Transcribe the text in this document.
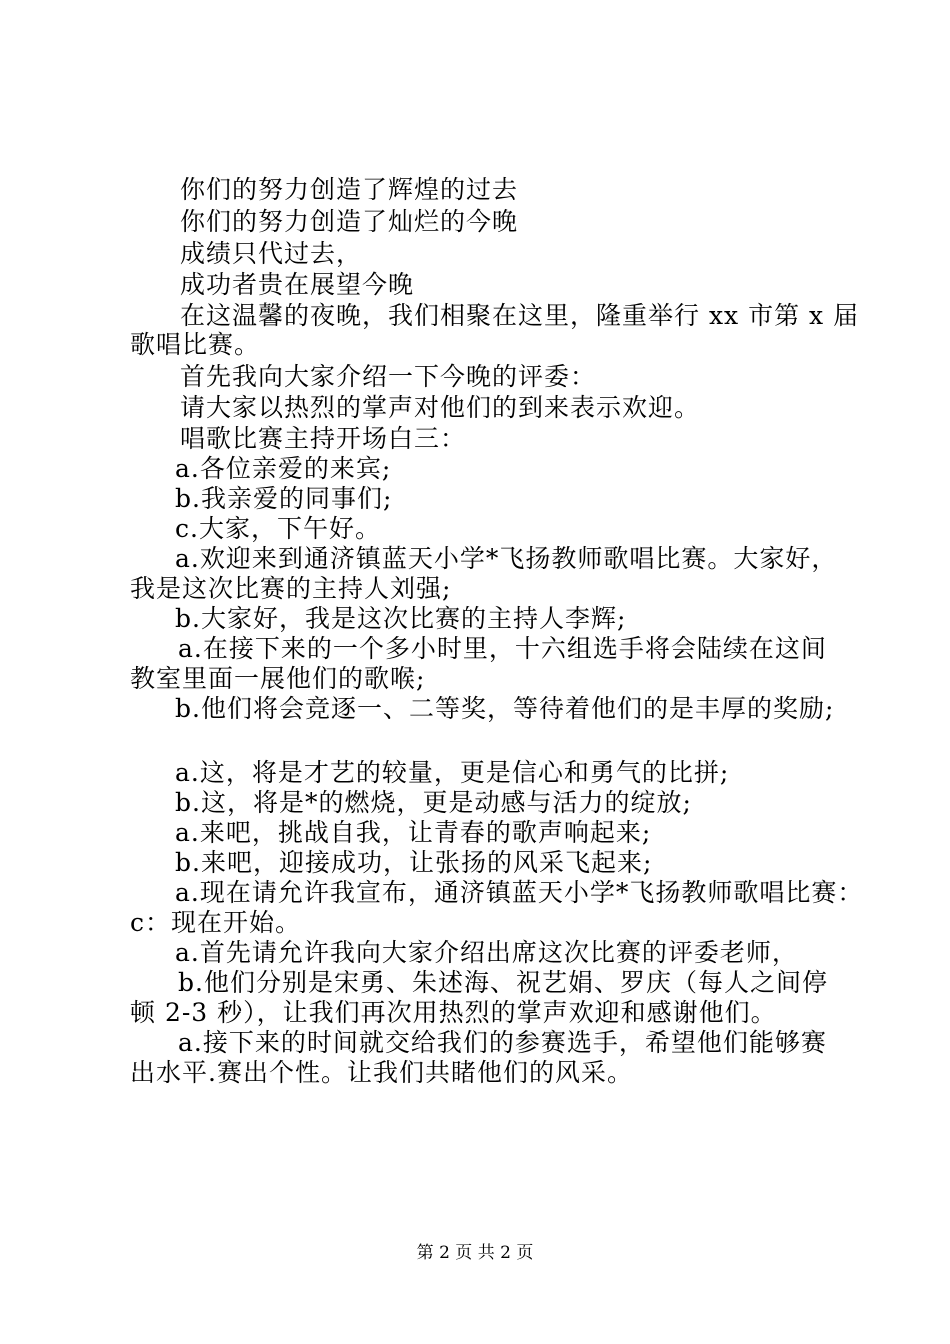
你们的努力创造了辉煌的过去
你们的努力创造了灿烂的今晚
成绩只代过去，
成功者贵在展望今晚
在这温馨的夜晚，我们相聚在这里，隆重举行 xx 市第 x 届
歌唱比赛。
首先我向大家介绍一下今晚的评委：
请大家以热烈的掌声对他们的到来表示欢迎。
唱歌比赛主持开场白三：
a.各位亲爱的来宾;
b.我亲爱的同事们;
c.大家，下午好。
a.欢迎来到通济镇蓝天小学*飞扬教师歌唱比赛。大家好，
我是这次比赛的主持人刘强;
b.大家好，我是这次比赛的主持人李辉;
a.在接下来的一个多小时里，十六组选手将会陆续在这间
教室里面一展他们的歌喉;
b.他们将会竞逐一、二等奖，等待着他们的是丰厚的奖励;
a.这，将是才艺的较量，更是信心和勇气的比拼;
b.这，将是*的燃烧，更是动感与活力的绽放;
a.来吧，挑战自我，让青春的歌声响起来;
b.来吧，迎接成功，让张扬的风采飞起来;
a.现在请允许我宣布，通济镇蓝天小学*飞扬教师歌唱比赛：
c：现在开始。
a.首先请允许我向大家介绍出席这次比赛的评委老师，
b.他们分别是宋勇、朱述海、祝艺娟、罗庆（每人之间停
顿 2-3 秒），让我们再次用热烈的掌声欢迎和感谢他们。
a.接下来的时间就交给我们的参赛选手，希望他们能够赛
出水平.赛出个性。让我们共睹他们的风采。
第 2 页 共 2 页
